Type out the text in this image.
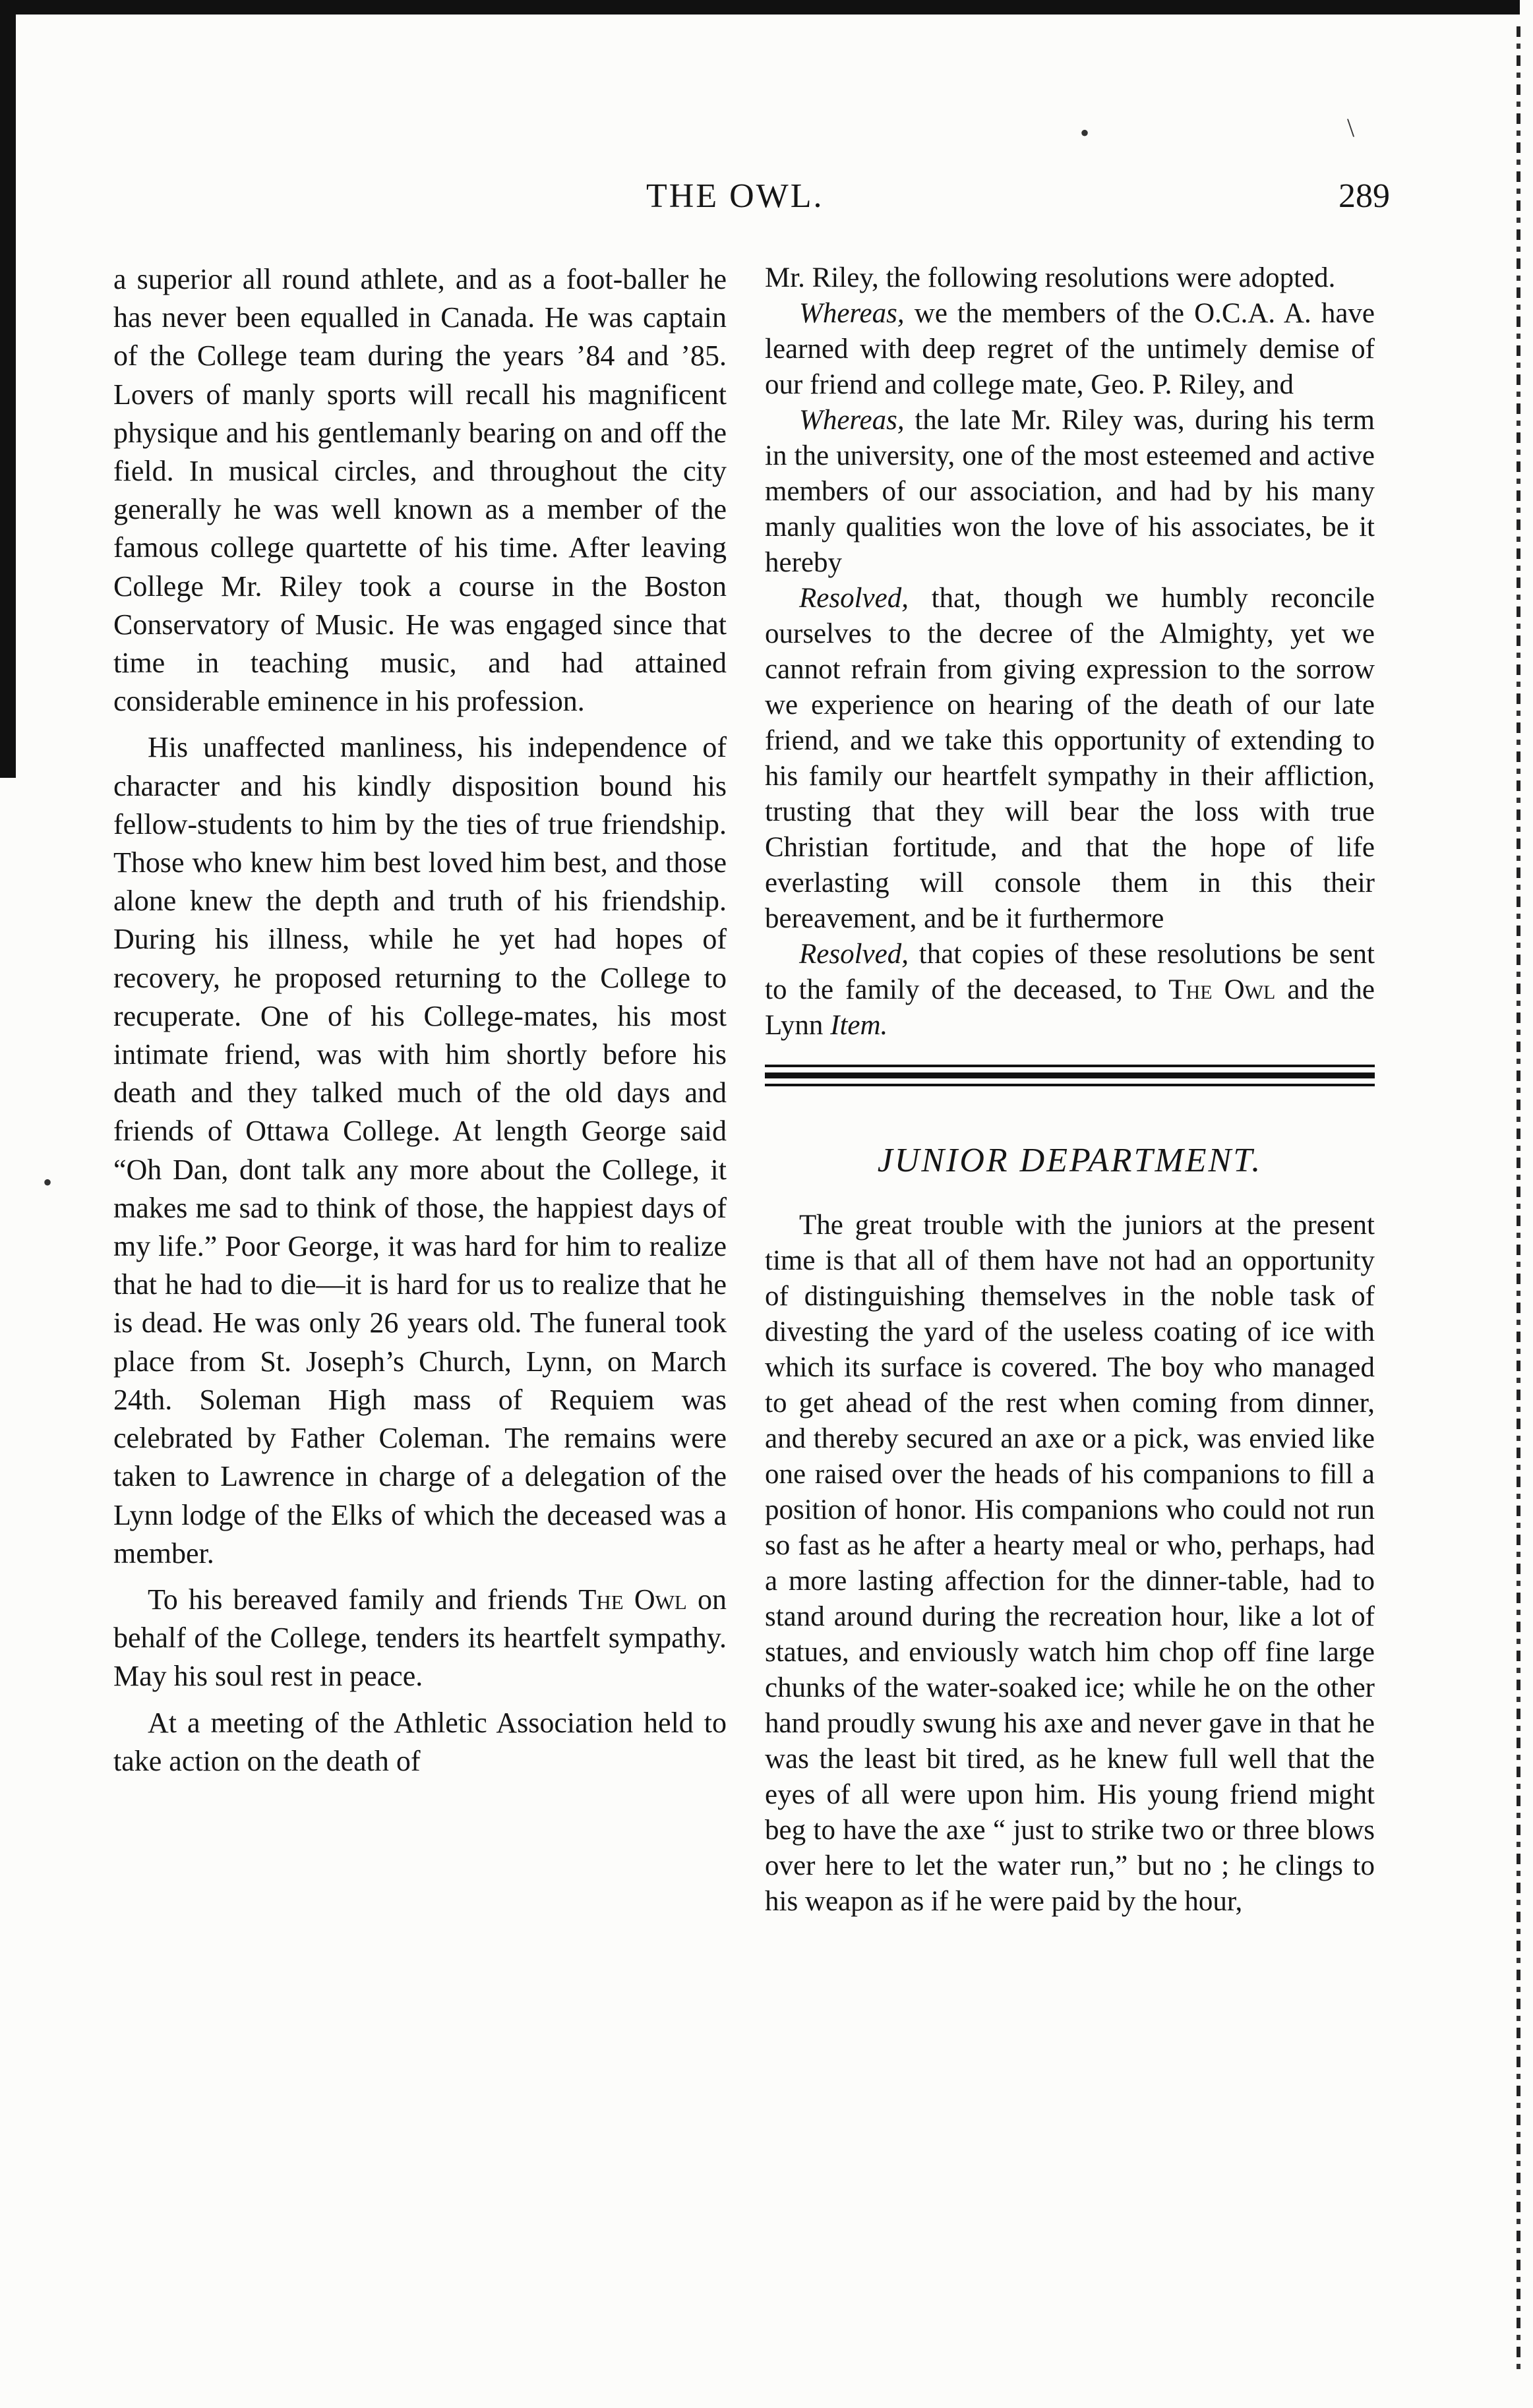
•	\
•
THE OWL.	289

a superior all round athlete, and as a foot-baller he has never been equalled in Canada. He was captain of the College team during the years ’84 and ’85. Lovers of manly sports will recall his magnificent physique and his gentlemanly bearing on and off the field. In musical circles, and throughout the city generally he was well known as a member of the famous college quartette of his time. After leaving College Mr. Riley took a course in the Boston Conservatory of Music. He was engaged since that time in teaching music, and had attained considerable eminence in his profession.

His unaffected manliness, his independence of character and his kindly disposition bound his fellow-students to him by the ties of true friendship. Those who knew him best loved him best, and those alone knew the depth and truth of his friendship. During his illness, while he yet had hopes of recovery, he proposed returning to the College to recuperate. One of his College-mates, his most intimate friend, was with him shortly before his death and they talked much of the old days and friends of Ottawa College. At length George said “Oh Dan, dont talk any more about the College, it makes me sad to think of those, the happiest days of my life.” Poor George, it was hard for him to realize that he had to die—it is hard for us to realize that he is dead. He was only 26 years old. The funeral took place from St. Joseph’s Church, Lynn, on March 24th. Soleman High mass of Requiem was celebrated by Father Coleman. The remains were taken to Lawrence in charge of a delegation of the Lynn lodge of the Elks of which the deceased was a member.

To his bereaved family and friends The Owl on behalf of the College, tenders its heartfelt sympathy. May his soul rest in peace.

At a meeting of the Athletic Association held to take action on the death of

Mr. Riley, the following resolutions were adopted.

Whereas, we the members of the O.C.A. A. have learned with deep regret of the untimely demise of our friend and college mate, Geo. P. Riley, and

Whereas, the late Mr. Riley was, during his term in the university, one of the most esteemed and active members of our association, and had by his many manly qualities won the love of his associates, be it hereby

Resolved, that, though we humbly reconcile ourselves to the decree of the Almighty, yet we cannot refrain from giving expression to the sorrow we experience on hearing of the death of our late friend, and we take this opportunity of extending to his family our heartfelt sympathy in their affliction, trusting that they will bear the loss with true Christian fortitude, and that the hope of life everlasting will console them in this their bereavement, and be it furthermore

Resolved, that copies of these resolutions be sent to the family of the deceased, to The Owl and the Lynn Item.

JUNIOR DEPARTMENT.

The great trouble with the juniors at the present time is that all of them have not had an opportunity of distinguishing themselves in the noble task of divesting the yard of the useless coating of ice with which its surface is covered. The boy who managed to get ahead of the rest when coming from dinner, and thereby secured an axe or a pick, was envied like one raised over the heads of his companions to fill a position of honor. His companions who could not run so fast as he after a hearty meal or who, perhaps, had a more lasting affection for the dinner-table, had to stand around during the recreation hour, like a lot of statues, and enviously watch him chop off fine large chunks of the water-soaked ice; while he on the other hand proudly swung his axe and never gave in that he was the least bit tired, as he knew full well that the eyes of all were upon him. His young friend might beg to have the axe “ just to strike two or three blows over here to let the water run,” but no ; he clings to his weapon as if he were paid by the hour,
